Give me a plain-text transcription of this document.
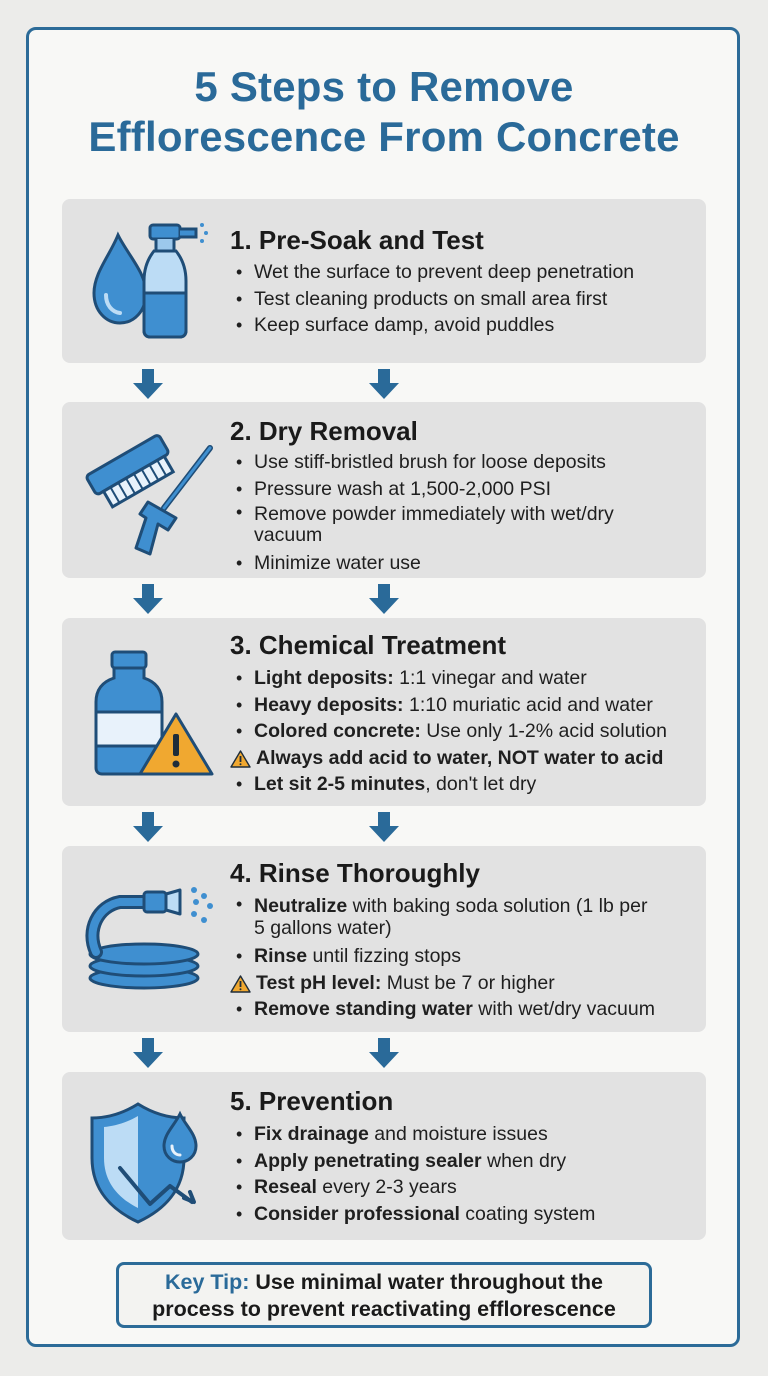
5 Steps to Remove
Efflorescence From Concrete
1. Pre-Soak and Test
• Wet the surface to prevent deep penetration
• Test cleaning products on small area first
• Keep surface damp, avoid puddles
2. Dry Removal
• Use stiff-bristled brush for loose deposits
• Pressure wash at 1,500-2,000 PSI
• Remove powder immediately with wet/dry
vacuum
• Minimize water use
3. Chemical Treatment
• Light deposits: 1:1 vinegar and water
• Heavy deposits: 1:10 muriatic acid and water
• Colored concrete: Use only 1-2% acid solution
Always add acid to water, NOT water to acid
• Let sit 2-5 minutes, don't let dry
4. Rinse Thoroughly
• Neutralize with baking soda solution (1 lb per
5 gallons water)
• Rinse until fizzing stops
Test pH level: Must be 7 or higher
• Remove standing water with wet/dry vacuum
5. Prevention
• Fix drainage and moisture issues
• Apply penetrating sealer when dry
• Reseal every 2-3 years
• Consider professional coating system
Key Tip: Use minimal water throughout the
process to prevent reactivating efflorescence
